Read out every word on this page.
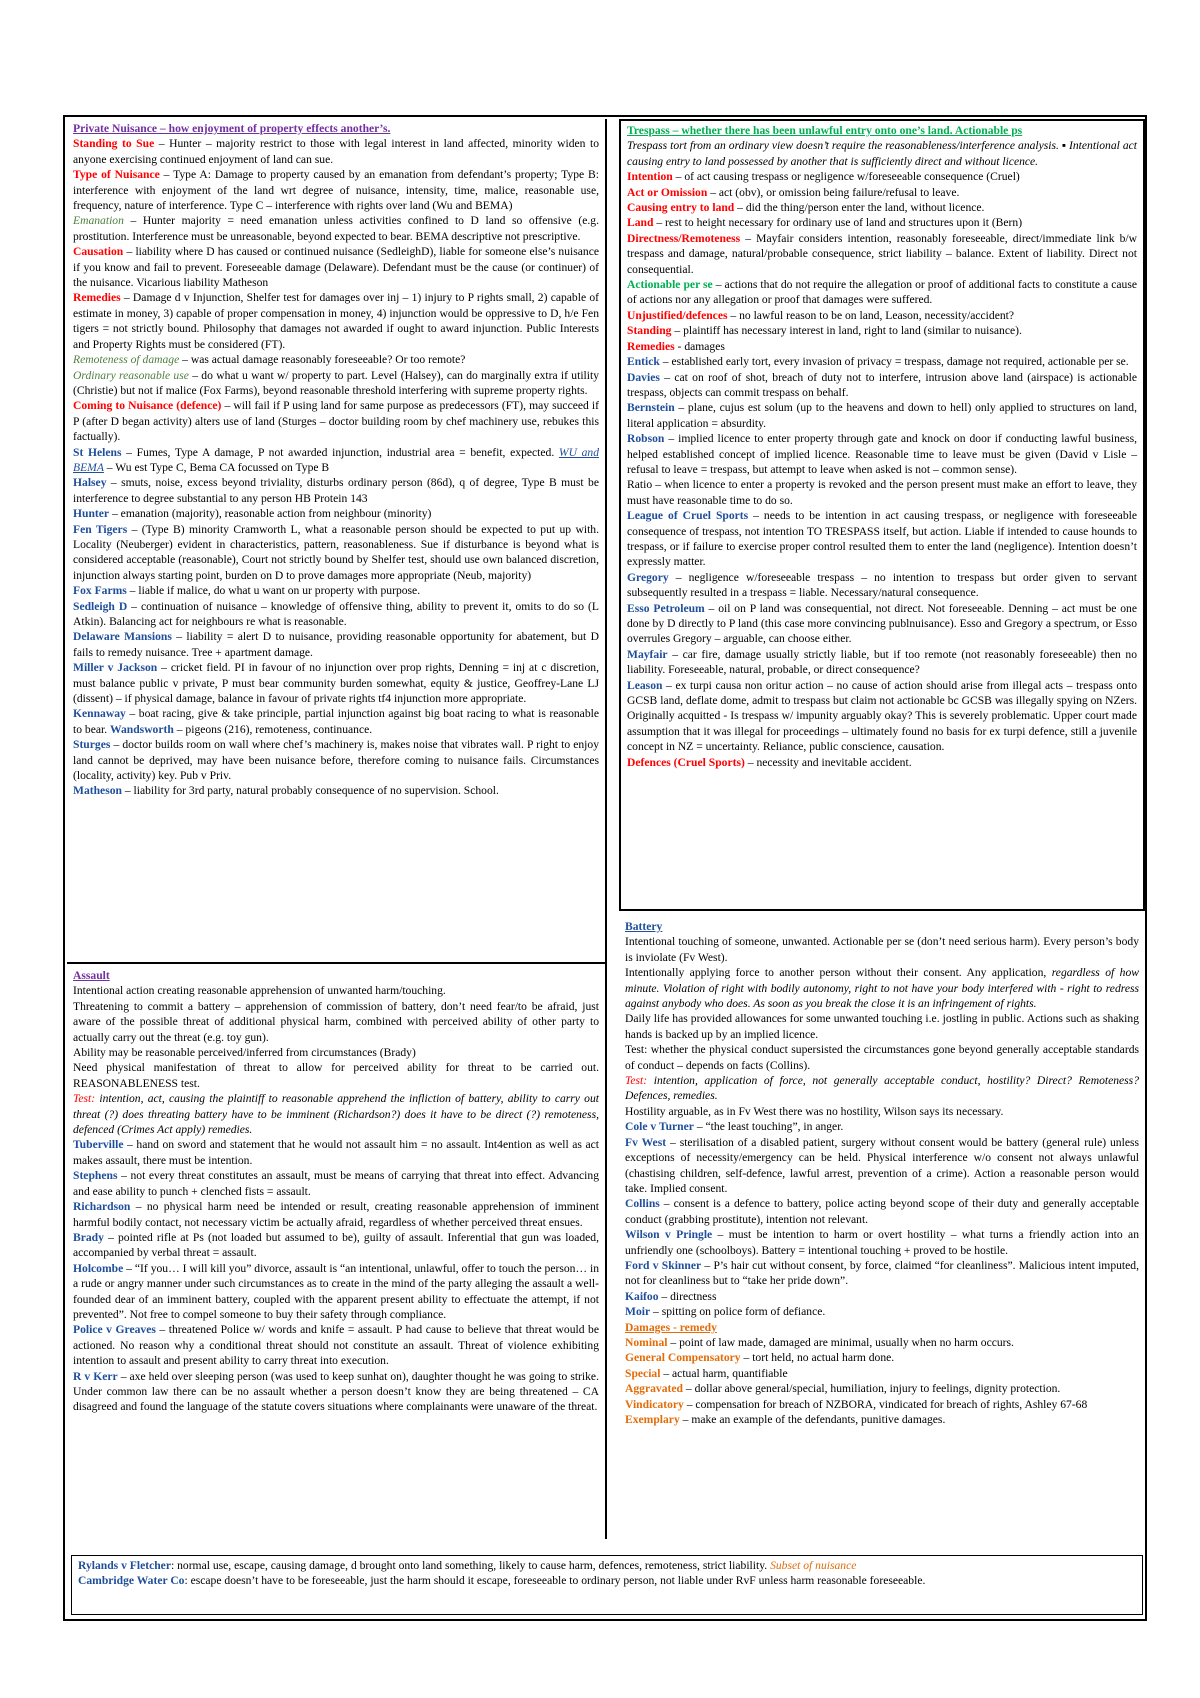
Private Nuisance – how enjoyment of property effects another’s.

Standing to Sue – Hunter – majority restrict to those with legal interest in land affected, minority widen to anyone exercising continued enjoyment of land can sue.

Type of Nuisance – Type A: Damage to property caused by an emanation from defendant’s property; Type B: interference with enjoyment of the land wrt degree of nuisance, intensity, time, malice, reasonable use, frequency, nature of interference. Type C – interference with rights over land (Wu and BEMA)

Emanation – Hunter majority = need emanation unless activities confined to D land so offensive (e.g. prostitution. Interference must be unreasonable, beyond expected to bear. BEMA descriptive not prescriptive.

Causation – liability where D has caused or continued nuisance (SedleighD), liable for someone else’s nuisance if you know and fail to prevent. Foreseeable damage (Delaware). Defendant must be the cause (or continuer) of the nuisance. Vicarious liability Matheson

Remedies – Damage d v Injunction, Shelfer test for damages over inj – 1) injury to P rights small, 2) capable of estimate in money, 3) capable of proper compensation in money, 4) injunction would be oppressive to D, h/e Fen tigers = not strictly bound. Philosophy that damages not awarded if ought to award injunction. Public Interests and Property Rights must be considered (FT).

Remoteness of damage – was actual damage reasonably foreseeable? Or too remote?

Ordinary reasonable use – do what u want w/ property to part. Level (Halsey), can do marginally extra if utility (Christie) but not if malice (Fox Farms), beyond reasonable threshold interfering with supreme property rights.

Coming to Nuisance (defence) – will fail if P using land for same purpose as predecessors (FT), may succeed if P (after D began activity) alters use of land (Sturges – doctor building room by chef machinery use, rebukes this factually).

St Helens – Fumes, Type A damage, P not awarded injunction, industrial area = benefit, expected. WU and BEMA – Wu est Type C, Bema CA focussed on Type B

Halsey – smuts, noise, excess beyond triviality, disturbs ordinary person (86d), q of degree, Type B must be interference to degree substantial to any person HB Protein 143

Hunter – emanation (majority), reasonable action from neighbour (minority)

Fen Tigers – (Type B) minority Cramworth L, what a reasonable person should be expected to put up with. Locality (Neuberger) evident in characteristics, pattern, reasonableness. Sue if disturbance is beyond what is considered acceptable (reasonable), Court not strictly bound by Shelfer test, should use own balanced discretion, injunction always starting point, burden on D to prove damages more appropriate (Neub, majority)

Fox Farms – liable if malice, do what u want on ur property with purpose.

Sedleigh D – continuation of nuisance – knowledge of offensive thing, ability to prevent it, omits to do so (L Atkin). Balancing act for neighbours re what is reasonable.

Delaware Mansions – liability = alert D to nuisance, providing reasonable opportunity for abatement, but D fails to remedy nuisance. Tree + apartment damage.

Miller v Jackson – cricket field. PI in favour of no injunction over prop rights, Denning = inj at c discretion, must balance public v private, P must bear community burden somewhat, equity & justice, Geoffrey-Lane LJ (dissent) – if physical damage, balance in favour of private rights tf4 injunction more appropriate.

Kennaway – boat racing, give & take principle, partial injunction against big boat racing to what is reasonable to bear. Wandsworth – pigeons (216), remoteness, continuance.

Sturges – doctor builds room on wall where chef’s machinery is, makes noise that vibrates wall. P right to enjoy land cannot be deprived, may have been nuisance before, therefore coming to nuisance fails. Circumstances (locality, activity) key. Pub v Priv.

Matheson – liability for 3rd party, natural probably consequence of no supervision. School.

Assault

Intentional action creating reasonable apprehension of unwanted harm/touching.

Threatening to commit a battery – apprehension of commission of battery, don’t need fear/to be afraid, just aware of the possible threat of additional physical harm, combined with perceived ability of other party to actually carry out the threat (e.g. toy gun).

Ability may be reasonable perceived/inferred from circumstances (Brady)

Need physical manifestation of threat to allow for perceived ability for threat to be carried out. REASONABLENESS test.

Test: intention, act, causing the plaintiff to reasonable apprehend the infliction of battery, ability to carry out threat (?) does threating battery have to be imminent (Richardson?) does it have to be direct (?) remoteness, defenced (Crimes Act apply) remedies.

Tuberville – hand on sword and statement that he would not assault him = no assault. Int4ention as well as act makes assault, there must be intention.

Stephens – not every threat constitutes an assault, must be means of carrying that threat into effect. Advancing and ease ability to punch + clenched fists = assault.

Richardson – no physical harm need be intended or result, creating reasonable apprehension of imminent harmful bodily contact, not necessary victim be actually afraid, regardless of whether perceived threat ensues.

Brady – pointed rifle at Ps (not loaded but assumed to be), guilty of assault. Inferential that gun was loaded, accompanied by verbal threat = assault.

Holcombe – “If you… I will kill you” divorce, assault is “an intentional, unlawful, offer to touch the person… in a rude or angry manner under such circumstances as to create in the mind of the party alleging the assault a well-founded dear of an imminent battery, coupled with the apparent present ability to effectuate the attempt, if not prevented”. Not free to compel someone to buy their safety through compliance.

Police v Greaves – threatened Police w/ words and knife = assault. P had cause to believe that threat would be actioned. No reason why a conditional threat should not constitute an assault. Threat of violence exhibiting intention to assault and present ability to carry threat into execution.

R v Kerr – axe held over sleeping person (was used to keep sunhat on), daughter thought he was going to strike. Under common law there can be no assault whether a person doesn’t know they are being threatened – CA disagreed and found the language of the statute covers situations where complainants were unaware of the threat.

Trespass – whether there has been unlawful entry onto one’s land. Actionable ps

Trespass tort from an ordinary view doesn’t require the reasonableness/interference analysis. ▪ Intentional act causing entry to land possessed by another that is sufficiently direct and without licence.

Intention – of act causing trespass or negligence w/foreseeable consequence (Cruel)

Act or Omission – act (obv), or omission being failure/refusal to leave.

Causing entry to land – did the thing/person enter the land, without licence.

Land – rest to height necessary for ordinary use of land and structures upon it (Bern)

Directness/Remoteness – Mayfair considers intention, reasonably foreseeable, direct/immediate link b/w trespass and damage, natural/probable consequence, strict liability – balance. Extent of liability. Direct not consequential.

Actionable per se – actions that do not require the allegation or proof of additional facts to constitute a cause of actions nor any allegation or proof that damages were suffered.

Unjustified/defences – no lawful reason to be on land, Leason, necessity/accident?

Standing – plaintiff has necessary interest in land, right to land (similar to nuisance).

Remedies - damages

Entick – established early tort, every invasion of privacy = trespass, damage not required, actionable per se.

Davies – cat on roof of shot, breach of duty not to interfere, intrusion above land (airspace) is actionable trespass, objects can commit trespass on behalf.

Bernstein – plane, cujus est solum (up to the heavens and down to hell) only applied to structures on land, literal application = absurdity.

Robson – implied licence to enter property through gate and knock on door if conducting lawful business, helped established concept of implied licence. Reasonable time to leave must be given (David v Lisle – refusal to leave = trespass, but attempt to leave when asked is not – common sense).

Ratio – when licence to enter a property is revoked and the person present must make an effort to leave, they must have reasonable time to do so.

League of Cruel Sports – needs to be intention in act causing trespass, or negligence with foreseeable consequence of trespass, not intention TO TRESPASS itself, but action. Liable if intended to cause hounds to trespass, or if failure to exercise proper control resulted them to enter the land (negligence). Intention doesn’t expressly matter.

Gregory – negligence w/foreseeable trespass – no intention to trespass but order given to servant subsequently resulted in a trespass = liable. Necessary/natural consequence.

Esso Petroleum – oil on P land was consequential, not direct. Not foreseeable. Denning – act must be one done by D directly to P land (this case more convincing publnuisance). Esso and Gregory a spectrum, or Esso overrules Gregory – arguable, can choose either.

Mayfair – car fire, damage usually strictly liable, but if too remote (not reasonably foreseeable) then no liability. Foreseeable, natural, probable, or direct consequence?

Leason – ex turpi causa non oritur action – no cause of action should arise from illegal acts – trespass onto GCSB land, deflate dome, admit to trespass but claim not actionable bc GCSB was illegally spying on NZers. Originally acquitted - Is trespass w/ impunity arguably okay? This is severely problematic. Upper court made assumption that it was illegal for proceedings – ultimately found no basis for ex turpi defence, still a juvenile concept in NZ = uncertainty. Reliance, public conscience, causation.

Defences (Cruel Sports) – necessity and inevitable accident.

Battery

Intentional touching of someone, unwanted. Actionable per se (don’t need serious harm). Every person’s body is inviolate (Fv West).

Intentionally applying force to another person without their consent. Any application, regardless of how minute. Violation of right with bodily autonomy, right to not have your body interfered with - right to redress against anybody who does. As soon as you break the close it is an infringement of rights.

Daily life has provided allowances for some unwanted touching i.e. jostling in public. Actions such as shaking hands is backed up by an implied licence.

Test: whether the physical conduct supersisted the circumstances gone beyond generally acceptable standards of conduct – depends on facts (Collins).

Test: intention, application of force, not generally acceptable conduct, hostility? Direct? Remoteness? Defences, remedies.

Hostility arguable, as in Fv West there was no hostility, Wilson says its necessary.

Cole v Turner – “the least touching”, in anger.

Fv West – sterilisation of a disabled patient, surgery without consent would be battery (general rule) unless exceptions of necessity/emergency can be held. Physical interference w/o consent not always unlawful (chastising children, self-defence, lawful arrest, prevention of a crime). Action a reasonable person would take. Implied consent.

Collins – consent is a defence to battery, police acting beyond scope of their duty and generally acceptable conduct (grabbing prostitute), intention not relevant.

Wilson v Pringle – must be intention to harm or overt hostility – what turns a friendly action into an unfriendly one (schoolboys). Battery = intentional touching + proved to be hostile.

Ford v Skinner – P’s hair cut without consent, by force, claimed “for cleanliness”. Malicious intent imputed, not for cleanliness but to “take her pride down”.

Kaifoo – directness

Moir – spitting on police form of defiance.

Damages - remedy

Nominal – point of law made, damaged are minimal, usually when no harm occurs.

General Compensatory – tort held, no actual harm done.

Special – actual harm, quantifiable

Aggravated – dollar above general/special, humiliation, injury to feelings, dignity protection.

Vindicatory – compensation for breach of NZBORA, vindicated for breach of rights, Ashley 67-68

Exemplary – make an example of the defendants, punitive damages.

Rylands v Fletcher: normal use, escape, causing damage, d brought onto land something, likely to cause harm, defences, remoteness, strict liability. Subset of nuisance

Cambridge Water Co: escape doesn’t have to be foreseeable, just the harm should it escape, foreseeable to ordinary person, not liable under RvF unless harm reasonable foreseeable.
